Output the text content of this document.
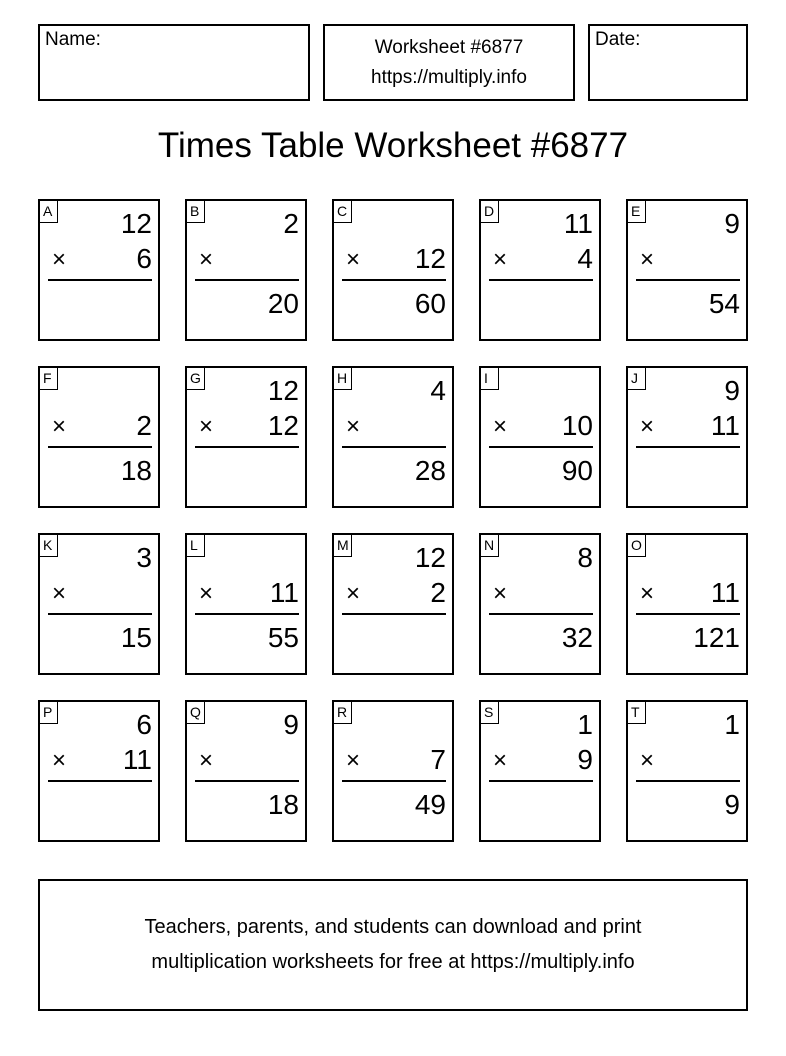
Name:	Worksheet #6877
https://multiply.info
Date:
Times Table Worksheet #6877
A 12
×	6
B	2
×
20
C
× 12
60
D 11
×	4
E	9
×
54
F
×	2
18
G 12
× 12
H	4
×
28
I
× 10
90
J	9
× 11
K	3
×
15
L
× 11
55
M 12
×	2
N	8
×
32
O
× 11
121
P	6
× 11
Q	9
×
18
R
×	7
49
S	1
×	9
T	1
×
9
Teachers, parents, and students can download and print
multiplication worksheets for free at https://multiply.info
